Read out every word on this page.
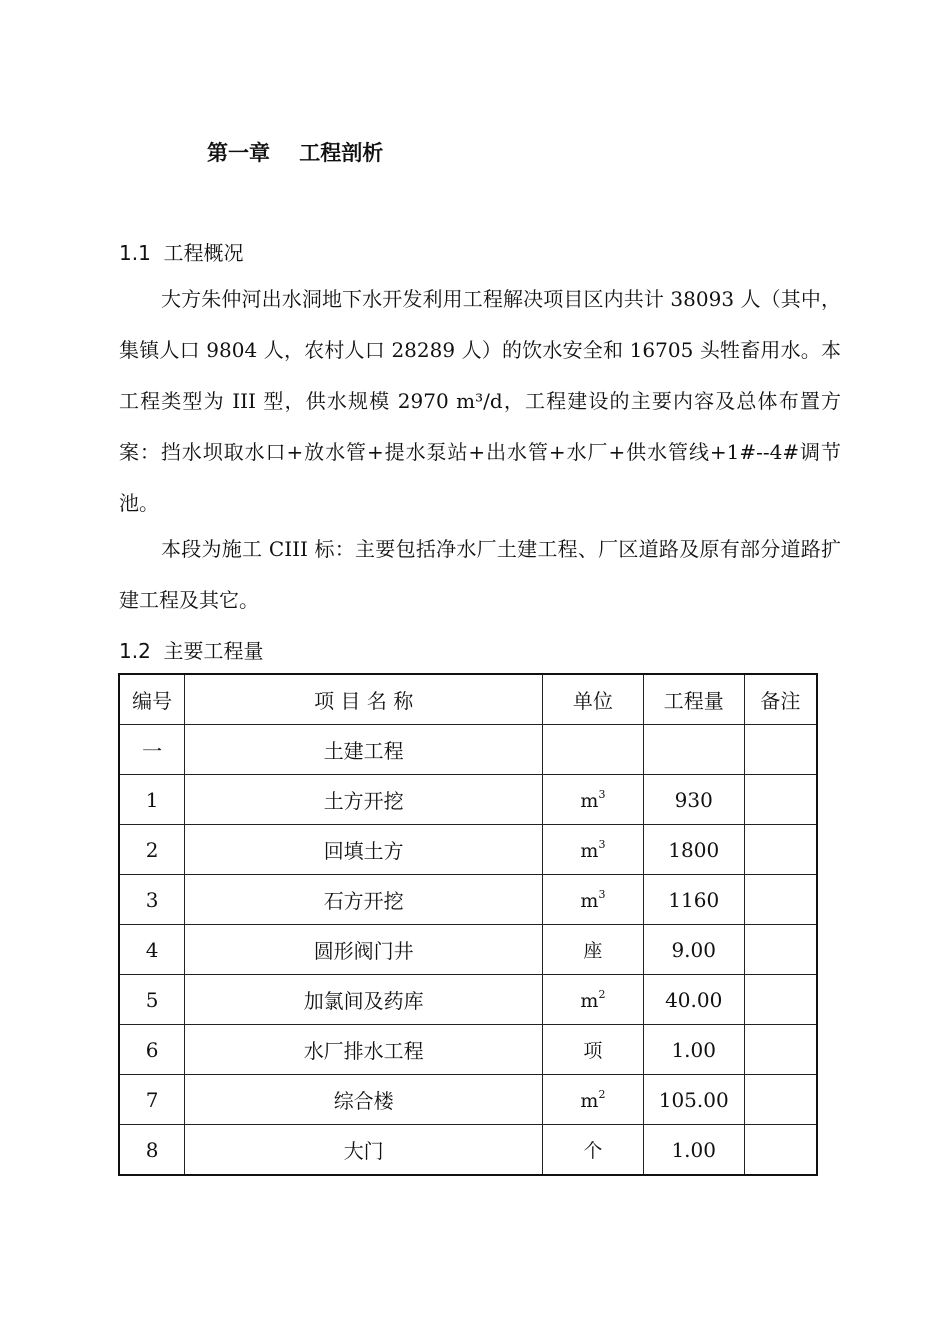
第一章    工程剖析
1.1  工程概况

大方朱仲河出水洞地下水开发利用工程解决项目区内共计 38093 人（其中，集镇人口 9804 人，农村人口 28289 人）的饮水安全和 16705 头牲畜用水。本工程类型为 III 型，供水规模 2970 m³/d，工程建设的主要内容及总体布置方案：挡水坝取水口+放水管+提水泵站+出水管+水厂+供水管线+1#--4#调节池。

本段为施工 CIII 标：主要包括净水厂土建工程、厂区道路及原有部分道路扩建工程及其它。

1.2  主要工程量
编号	项 目 名 称	单位	工程量	备注
一	土建工程			
1	土方开挖	$m^3$	930	
2	回填土方	$m^3$	1800	
3	石方开挖	$m^3$	1160	
4	圆形阀门井	座	9.00	
5	加氯间及药库	$m^2$	40.00	
6	水厂排水工程	项	1.00	
7	综合楼	$m^2$	105.00	
8	大门	个	1.00	
